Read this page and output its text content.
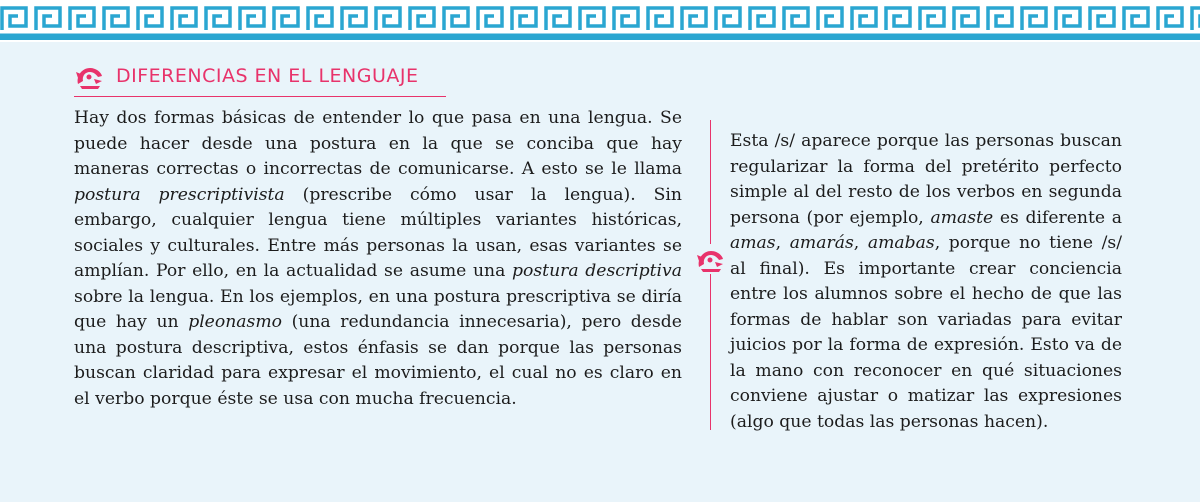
DIFERENCIAS EN EL LENGUAJE

Hay dos formas básicas de entender lo que pasa en una lengua. Se puede hacer desde una postura en la que se conciba que hay maneras correctas o incorrectas de comunicarse. A esto se le llama postura prescriptivista (prescribe cómo usar la lengua). Sin embargo, cualquier lengua tiene múltiples variantes históricas, sociales y culturales. Entre más personas la usan, esas variantes se amplían. Por ello, en la actualidad se asume una postura descriptiva sobre la lengua. En los ejemplos, en una postura prescriptiva se diría que hay un pleonasmo (una redundancia innecesaria), pero desde una postura descriptiva, estos énfasis se dan porque las personas buscan claridad para expresar el movimiento, el cual no es claro en el verbo porque éste se usa con mucha frecuencia.

Esta /s/ aparece porque las personas buscan regularizar la forma del pretérito perfecto simple al del resto de los verbos en segunda persona (por ejemplo, amaste es diferente a amas, amarás, amabas, porque no tiene /s/ al final). Es importante crear conciencia entre los alumnos sobre el hecho de que las formas de hablar son variadas para evitar juicios por la forma de expresión. Esto va de la mano con reconocer en qué situaciones conviene ajustar o matizar las expresiones (algo que todas las personas hacen).
